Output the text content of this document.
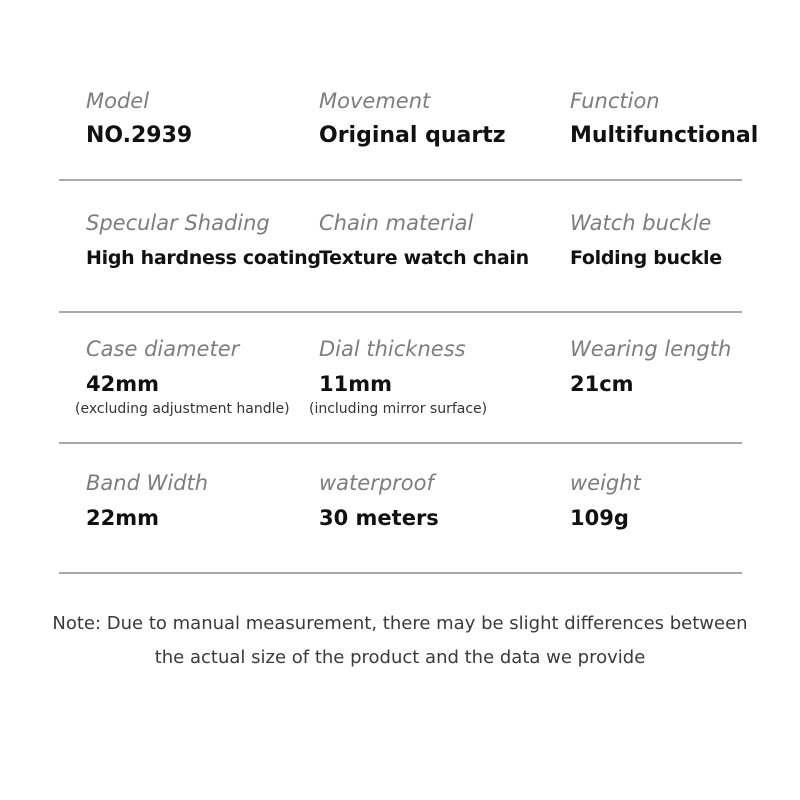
Model
NO.2939
Movement
Original quartz
Function
Multifunctional
Specular Shading
High hardness coating
Chain material
Texture watch chain
Watch buckle
Folding buckle
Case diameter
42mm
Dial thickness
11mm
Wearing length
21cm
(excluding adjustment handle) (including mirror surface)
Band Width
22mm
waterproof
30 meters
weight
109g
Note: Due to manual measurement, there may be slight differences between
the actual size of the product and the data we provide
